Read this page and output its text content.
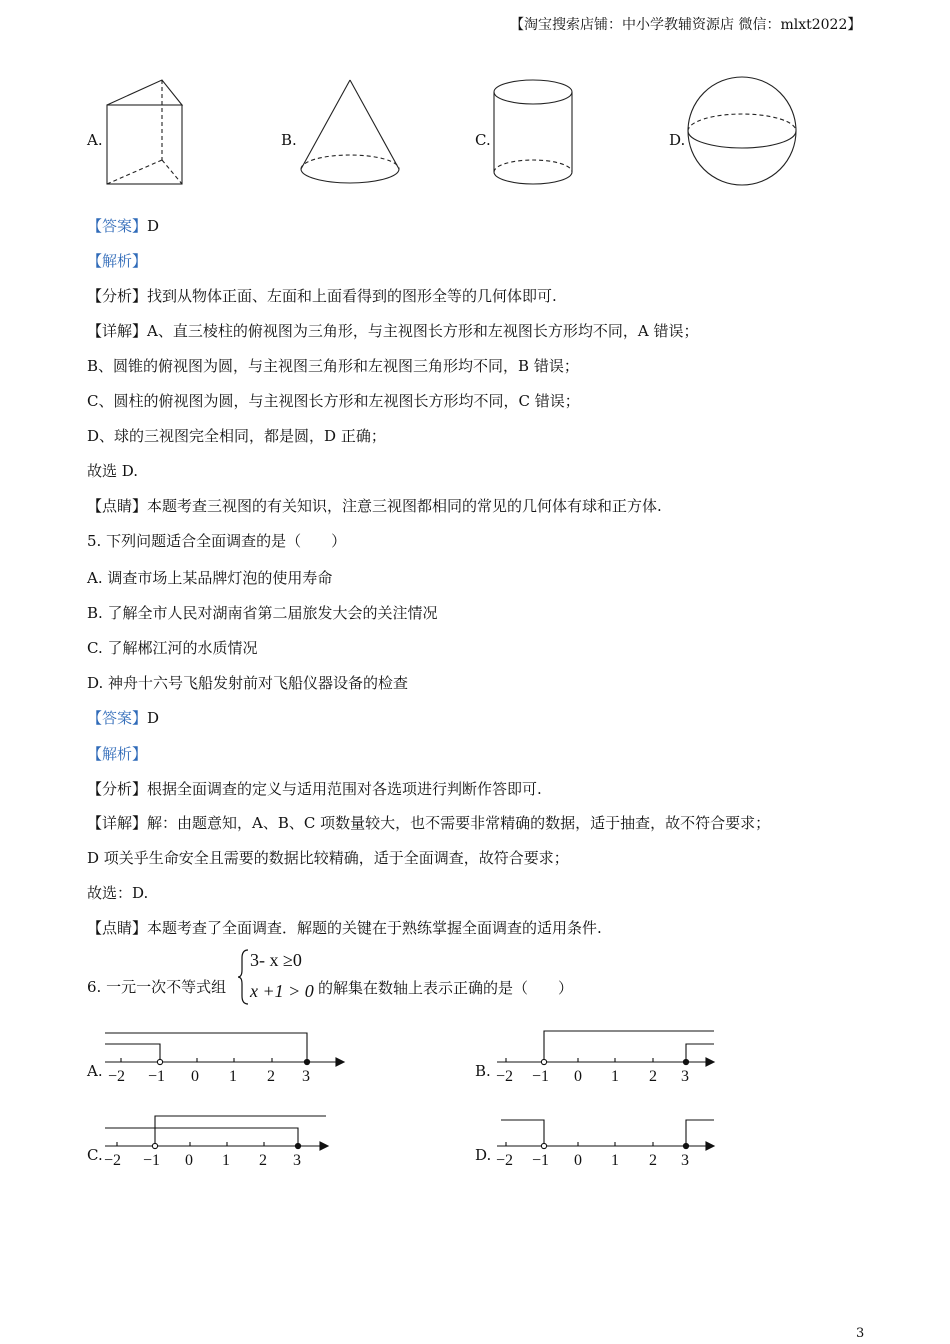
【淘宝搜索店铺：中小学教辅资源店 微信：mlxt2022】
A.	B.	C.	D.
【答案】D
【解析】
【分析】找到从物体正面、左面和上面看得到的图形全等的几何体即可.
【详解】A、直三棱柱的俯视图为三角形，与主视图长方形和左视图长方形均不同，A 错误；
B、圆锥的俯视图为圆，与主视图三角形和左视图三角形均不同，B 错误；
C、圆柱的俯视图为圆，与主视图长方形和左视图长方形均不同，C 错误；
D、球的三视图完全相同，都是圆，D 正确；
故选 D.
【点睛】本题考查三视图的有关知识，注意三视图都相同的常见的几何体有球和正方体.
5. 下列问题适合全面调查的是（　　）
A. 调查市场上某品牌灯泡的使用寿命
B. 了解全市人民对湖南省第二届旅发大会的关注情况
C. 了解郴江河的水质情况
D. 神舟十六号飞船发射前对飞船仪器设备的检查
【答案】D
【解析】
【分析】根据全面调查的定义与适用范围对各选项进行判断作答即可.
【详解】解：由题意知，A、B、C 项数量较大，也不需要非常精确的数据，适于抽查，故不符合要求；
D 项关乎生命安全且需要的数据比较精确，适于全面调查，故符合要求；
故选：D.
【点睛】本题考查了全面调查．解题的关键在于熟练掌握全面调查的适用条件.
6. 一元一次不等式组
3- x ≥0
x +1 > 0 的解集在数轴上表示正确的是（　　）
A. −2 −1 0 1 2 3	B. −2 −1 0 1 2 3
C. −2 −1 0 1 2 3	D. −2 −1 0 1 2 3
3
